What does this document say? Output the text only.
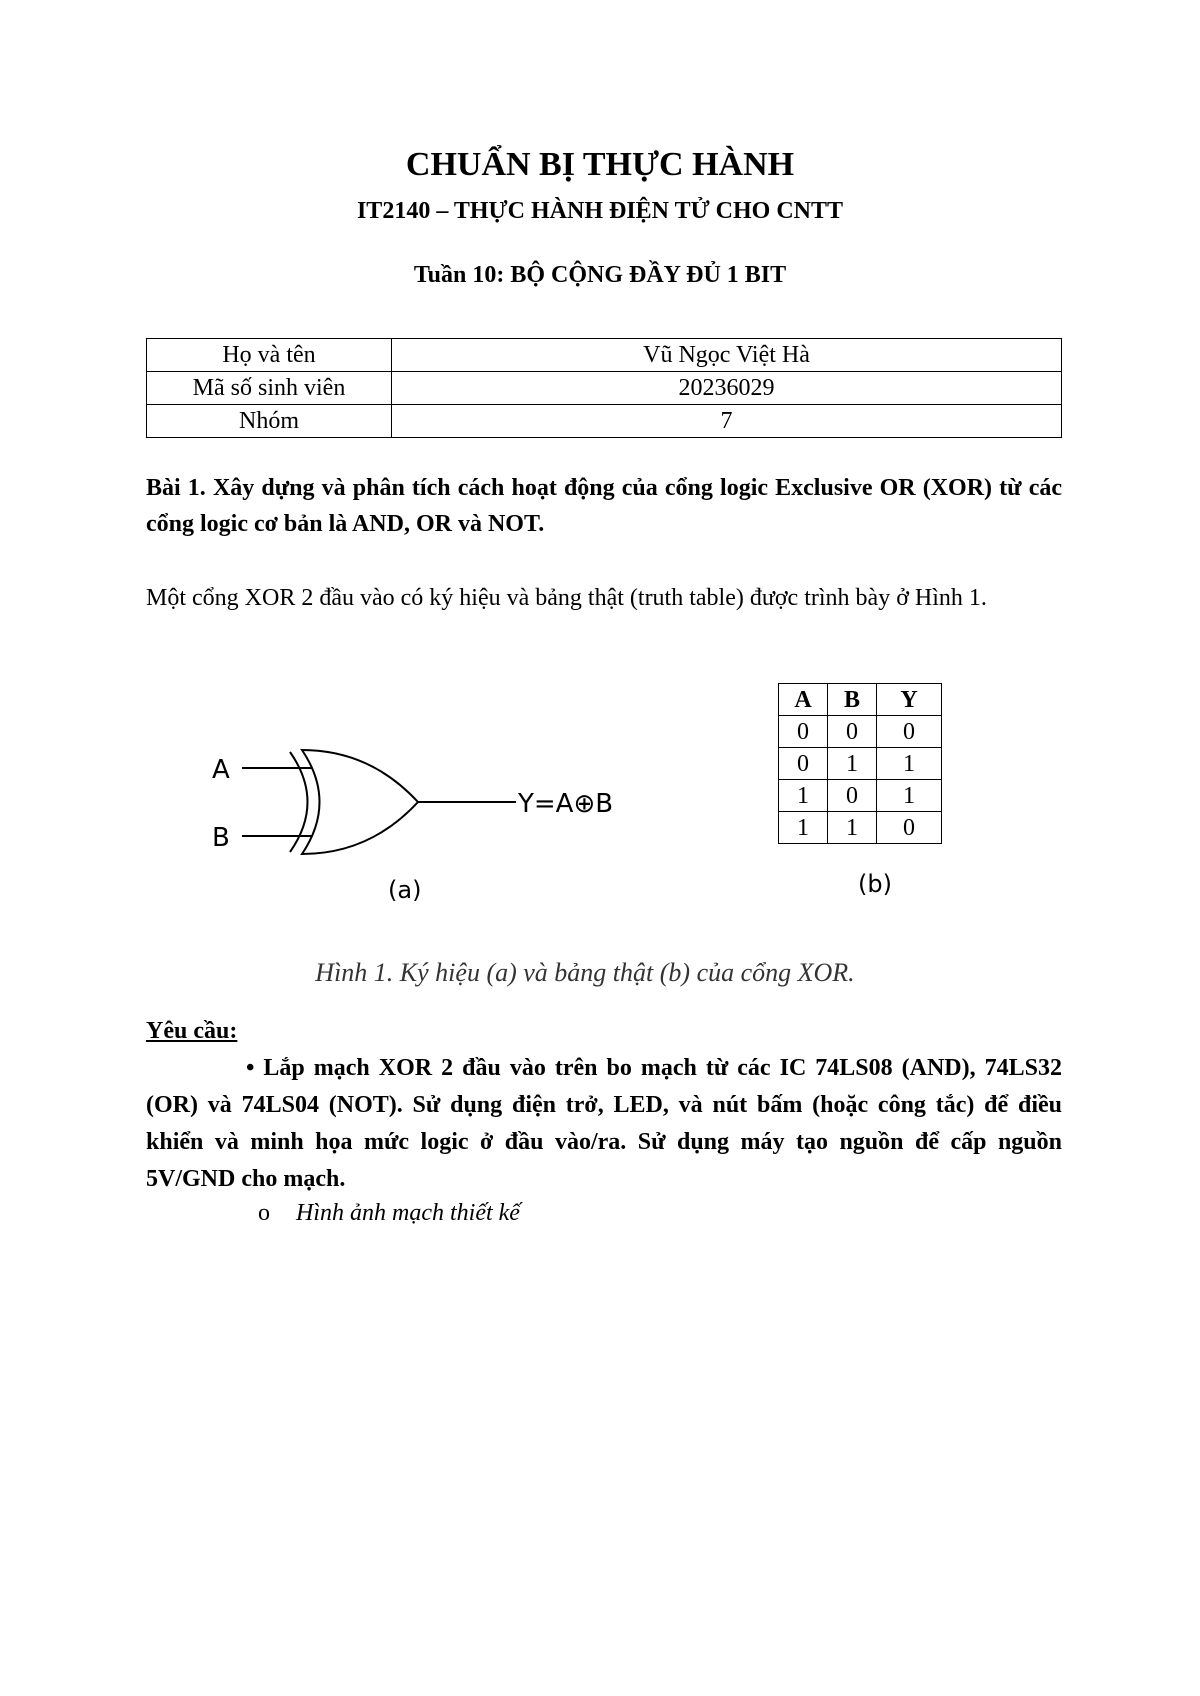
CHUẨN BỊ THỰC HÀNH
IT2140 – THỰC HÀNH ĐIỆN TỬ CHO CNTT
Tuần 10: BỘ CỘNG ĐẦY ĐỦ 1 BIT
Họ và tên	Vũ Ngọc Việt Hà
Mã số sinh viên	20236029
Nhóm	7
Bài 1. Xây dựng và phân tích cách hoạt động của cổng logic Exclusive OR (XOR) từ các cổng logic cơ bản là AND, OR và NOT.
Một cổng XOR 2 đầu vào có ký hiệu và bảng thật (truth table) được trình bày ở Hình 1.
A
B
Y=A⊕B
(a)
A	B	Y
0	0	0
0	1	1
1	0	1
1	1	0
(b)
Hình 1. Ký hiệu (a) và bảng thật (b) của cổng XOR.
Yêu cầu:
• Lắp mạch XOR 2 đầu vào trên bo mạch từ các IC 74LS08 (AND), 74LS32 (OR) và 74LS04 (NOT). Sử dụng điện trở, LED, và nút bấm (hoặc công tắc) để điều khiển và minh họa mức logic ở đầu vào/ra. Sử dụng máy tạo nguồn để cấp nguồn 5V/GND cho mạch.
o Hình ảnh mạch thiết kế
